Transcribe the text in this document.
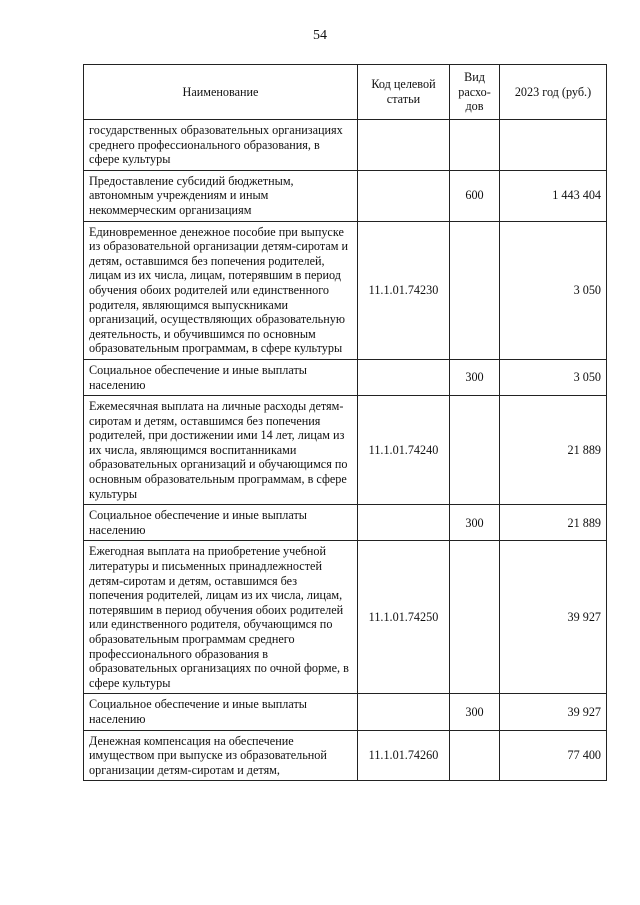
54
Наименование	Код целевой статьи	Вид расхо-дов	2023 год (руб.)
государственных образовательных организациях среднего профессионального образования, в сфере культуры			
Предоставление субсидий бюджетным, автономным учреждениям и иным некоммерческим организациям		600	1 443 404
Единовременное денежное пособие при выпуске из образовательной организации детям-сиротам и детям, оставшимся без попечения родителей, лицам из их числа, лицам, потерявшим в период обучения обоих родителей или единственного родителя, являющимся выпускниками организаций, осуществляющих образовательную деятельность, и обучившимся по основным образовательным программам, в сфере культуры	11.1.01.74230		3 050
Социальное обеспечение и иные выплаты населению		300	3 050
Ежемесячная выплата на личные расходы детям-сиротам и детям, оставшимся без попечения родителей, при достижении ими 14 лет, лицам из их числа, являющимся воспитанниками образовательных организаций и обучающимся по основным образовательным программам, в сфере культуры	11.1.01.74240		21 889
Социальное обеспечение и иные выплаты населению		300	21 889
Ежегодная выплата на приобретение учебной литературы и письменных принадлежностей детям-сиротам и детям, оставшимся без попечения родителей, лицам из их числа, лицам, потерявшим в период обучения обоих родителей или единственного родителя, обучающимся по образовательным программам среднего профессионального образования в образовательных организациях по очной форме, в сфере культуры	11.1.01.74250		39 927
Социальное обеспечение и иные выплаты населению		300	39 927
Денежная компенсация на обеспечение имуществом при выпуске из образовательной организации детям-сиротам и детям,	11.1.01.74260		77 400
